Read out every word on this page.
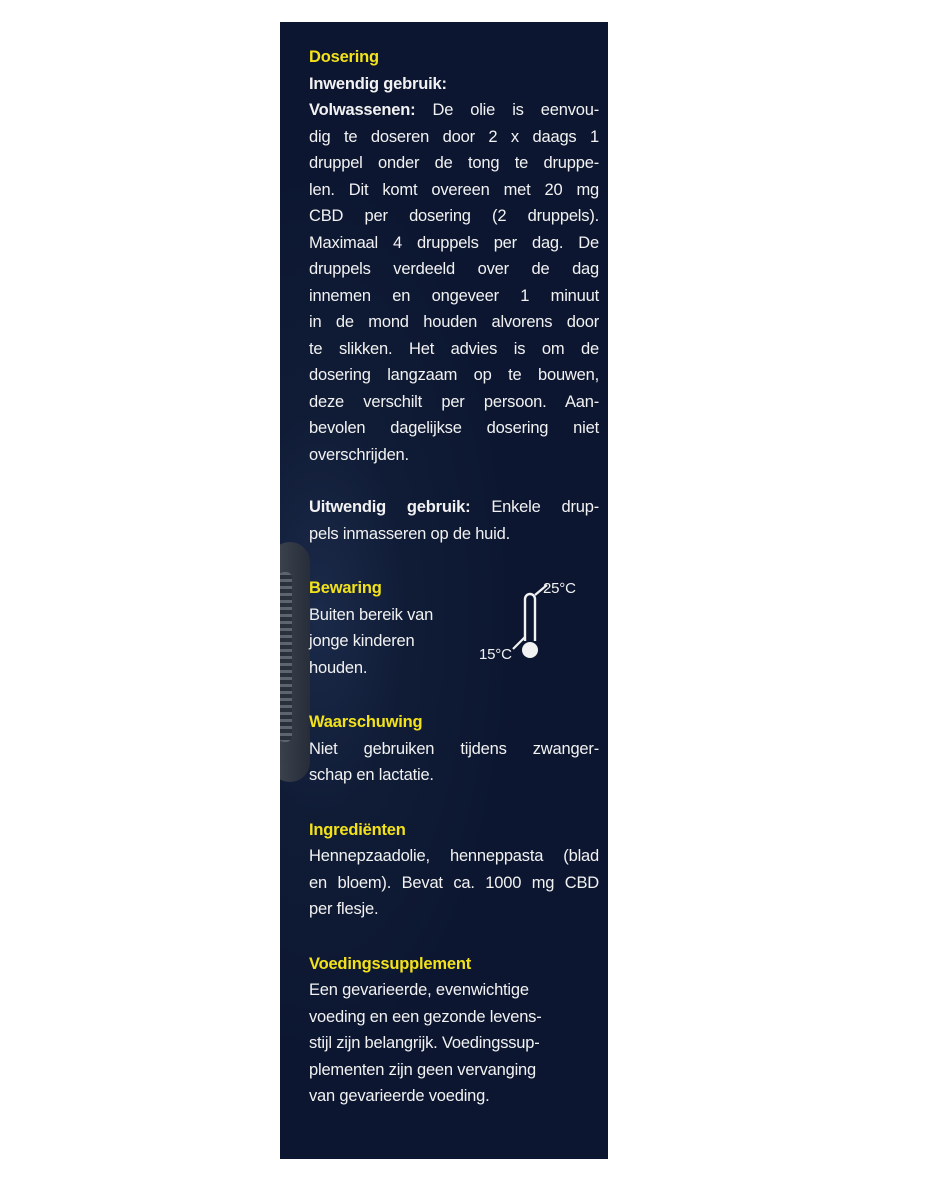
Dosering
Inwendig gebruik:
Volwassenen: De olie is eenvou-
dig te doseren door 2 x daags 1
druppel onder de tong te druppe-
len. Dit komt overeen met 20 mg
CBD per dosering (2 druppels).
Maximaal 4 druppels per dag. De
druppels verdeeld over de dag
innemen en ongeveer 1 minuut
in de mond houden alvorens door
te slikken. Het advies is om de
dosering langzaam op te bouwen,
deze verschilt per persoon. Aan-
bevolen dagelijkse dosering niet
overschrijden.
Uitwendig gebruik: Enkele drup-
pels inmasseren op de huid.
Bewaring
Buiten bereik van
jonge kinderen
houden.
25°C
15°C
Waarschuwing
Niet gebruiken tijdens zwanger-
schap en lactatie.
Ingrediënten
Hennepzaadolie, henneppasta (blad
en bloem). Bevat ca. 1000 mg CBD
per flesje.
Voedingssupplement
Een gevarieerde, evenwichtige
voeding en een gezonde levens-
stijl zijn belangrijk. Voedingssup-
plementen zijn geen vervanging
van gevarieerde voeding.
